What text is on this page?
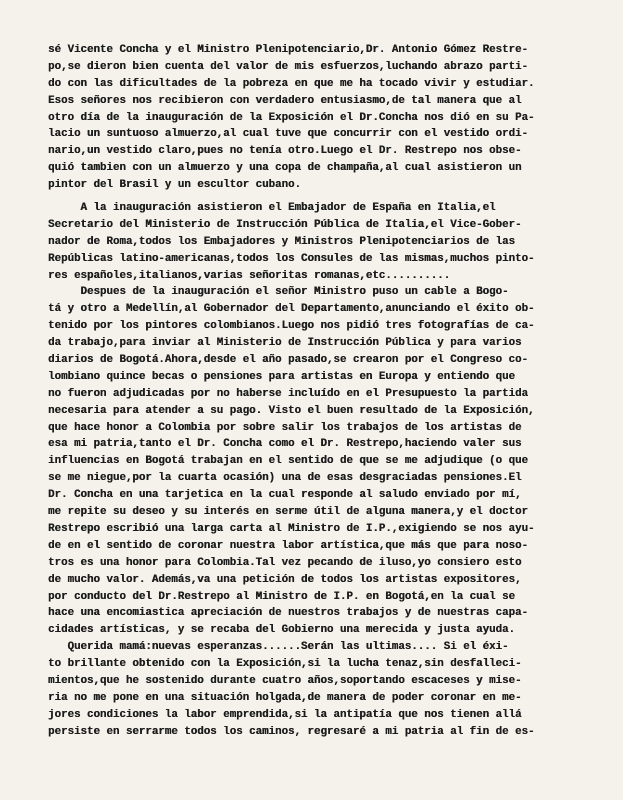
sé Vicente Concha y el Ministro Plenipotenciario,Dr. Antonio Gómez Restre-
po,se dieron bien cuenta del valor de mis esfuerzos,luchando abrazo parti-
do con las dificultades de la pobreza en que me ha tocado vivir y estudiar.
Esos señores nos recibieron con verdadero entusiasmo,de tal manera que al
otro día de la inauguración de la Exposición el Dr.Concha nos dió en su Pa-
lacio un suntuoso almuerzo,al cual tuve que concurrir con el vestido ordi-
nario,un vestido claro,pues no tenía otro.Luego el Dr. Restrepo nos obse-
quió tambien con un almuerzo y una copa de champaña,al cual asistieron un
pintor del Brasil y un escultor cubano.
A la inauguración asistieron el Embajador de España en Italia,el
Secretario del Ministerio de Instrucción Pública de Italia,el Vice-Gober-
nador de Roma,todos los Embajadores y Ministros Plenipotenciarios de las
Repúblicas latino-americanas,todos los Consules de las mismas,muchos pinto-
res españoles,italianos,varias señoritas romanas,etc..........
Despues de la inauguración el señor Ministro puso un cable a Bogo-
tá y otro a Medellín,al Gobernador del Departamento,anunciando el éxito ob-
tenido por los pintores colombianos.Luego nos pidió tres fotografías de ca-
da trabajo,para inviar al Ministerio de Instrucción Pública y para varios
diarios de Bogotá.Ahora,desde el año pasado,se crearon por el Congreso co-
lombiano quince becas o pensiones para artistas en Europa y entiendo que
no fueron adjudicadas por no haberse incluído en el Presupuesto la partida
necesaria para atender a su pago. Visto el buen resultado de la Exposición,
que hace honor a Colombia por sobre salir los trabajos de los artistas de
esa mi patria,tanto el Dr. Concha como el Dr. Restrepo,haciendo valer sus
influencias en Bogotá trabajan en el sentido de que se me adjudique (o que
se me niegue,por la cuarta ocasión) una de esas desgraciadas pensiones.El
Dr. Concha en una tarjetica en la cual responde al saludo enviado por mí,
me repite su deseo y su interés en serme útil de alguna manera,y el doctor
Restrepo escribió una larga carta al Ministro de I.P.,exigiendo se nos ayu-
de en el sentido de coronar nuestra labor artística,que más que para noso-
tros es una honor para Colombia.Tal vez pecando de iluso,yo consiero esto
de mucho valor. Además,va una petición de todos los artistas expositores,
por conducto del Dr.Restrepo al Ministro de I.P. en Bogotá,en la cual se
hace una encomiastica apreciación de nuestros trabajos y de nuestras capa-
cidades artísticas, y se recaba del Gobierno una merecida y justa ayuda.
Querida mamá:nuevas esperanzas......Serán las ultimas.... Si el éxi-
to brillante obtenido con la Exposición,si la lucha tenaz,sin desfalleci-
mientos,que he sostenido durante cuatro años,soportando escaceses y mise-
ria no me pone en una situación holgada,de manera de poder coronar en me-
jores condiciones la labor emprendida,si la antipatía que nos tienen allá
persiste en serrarme todos los caminos, regresaré a mi patria al fin de es-
